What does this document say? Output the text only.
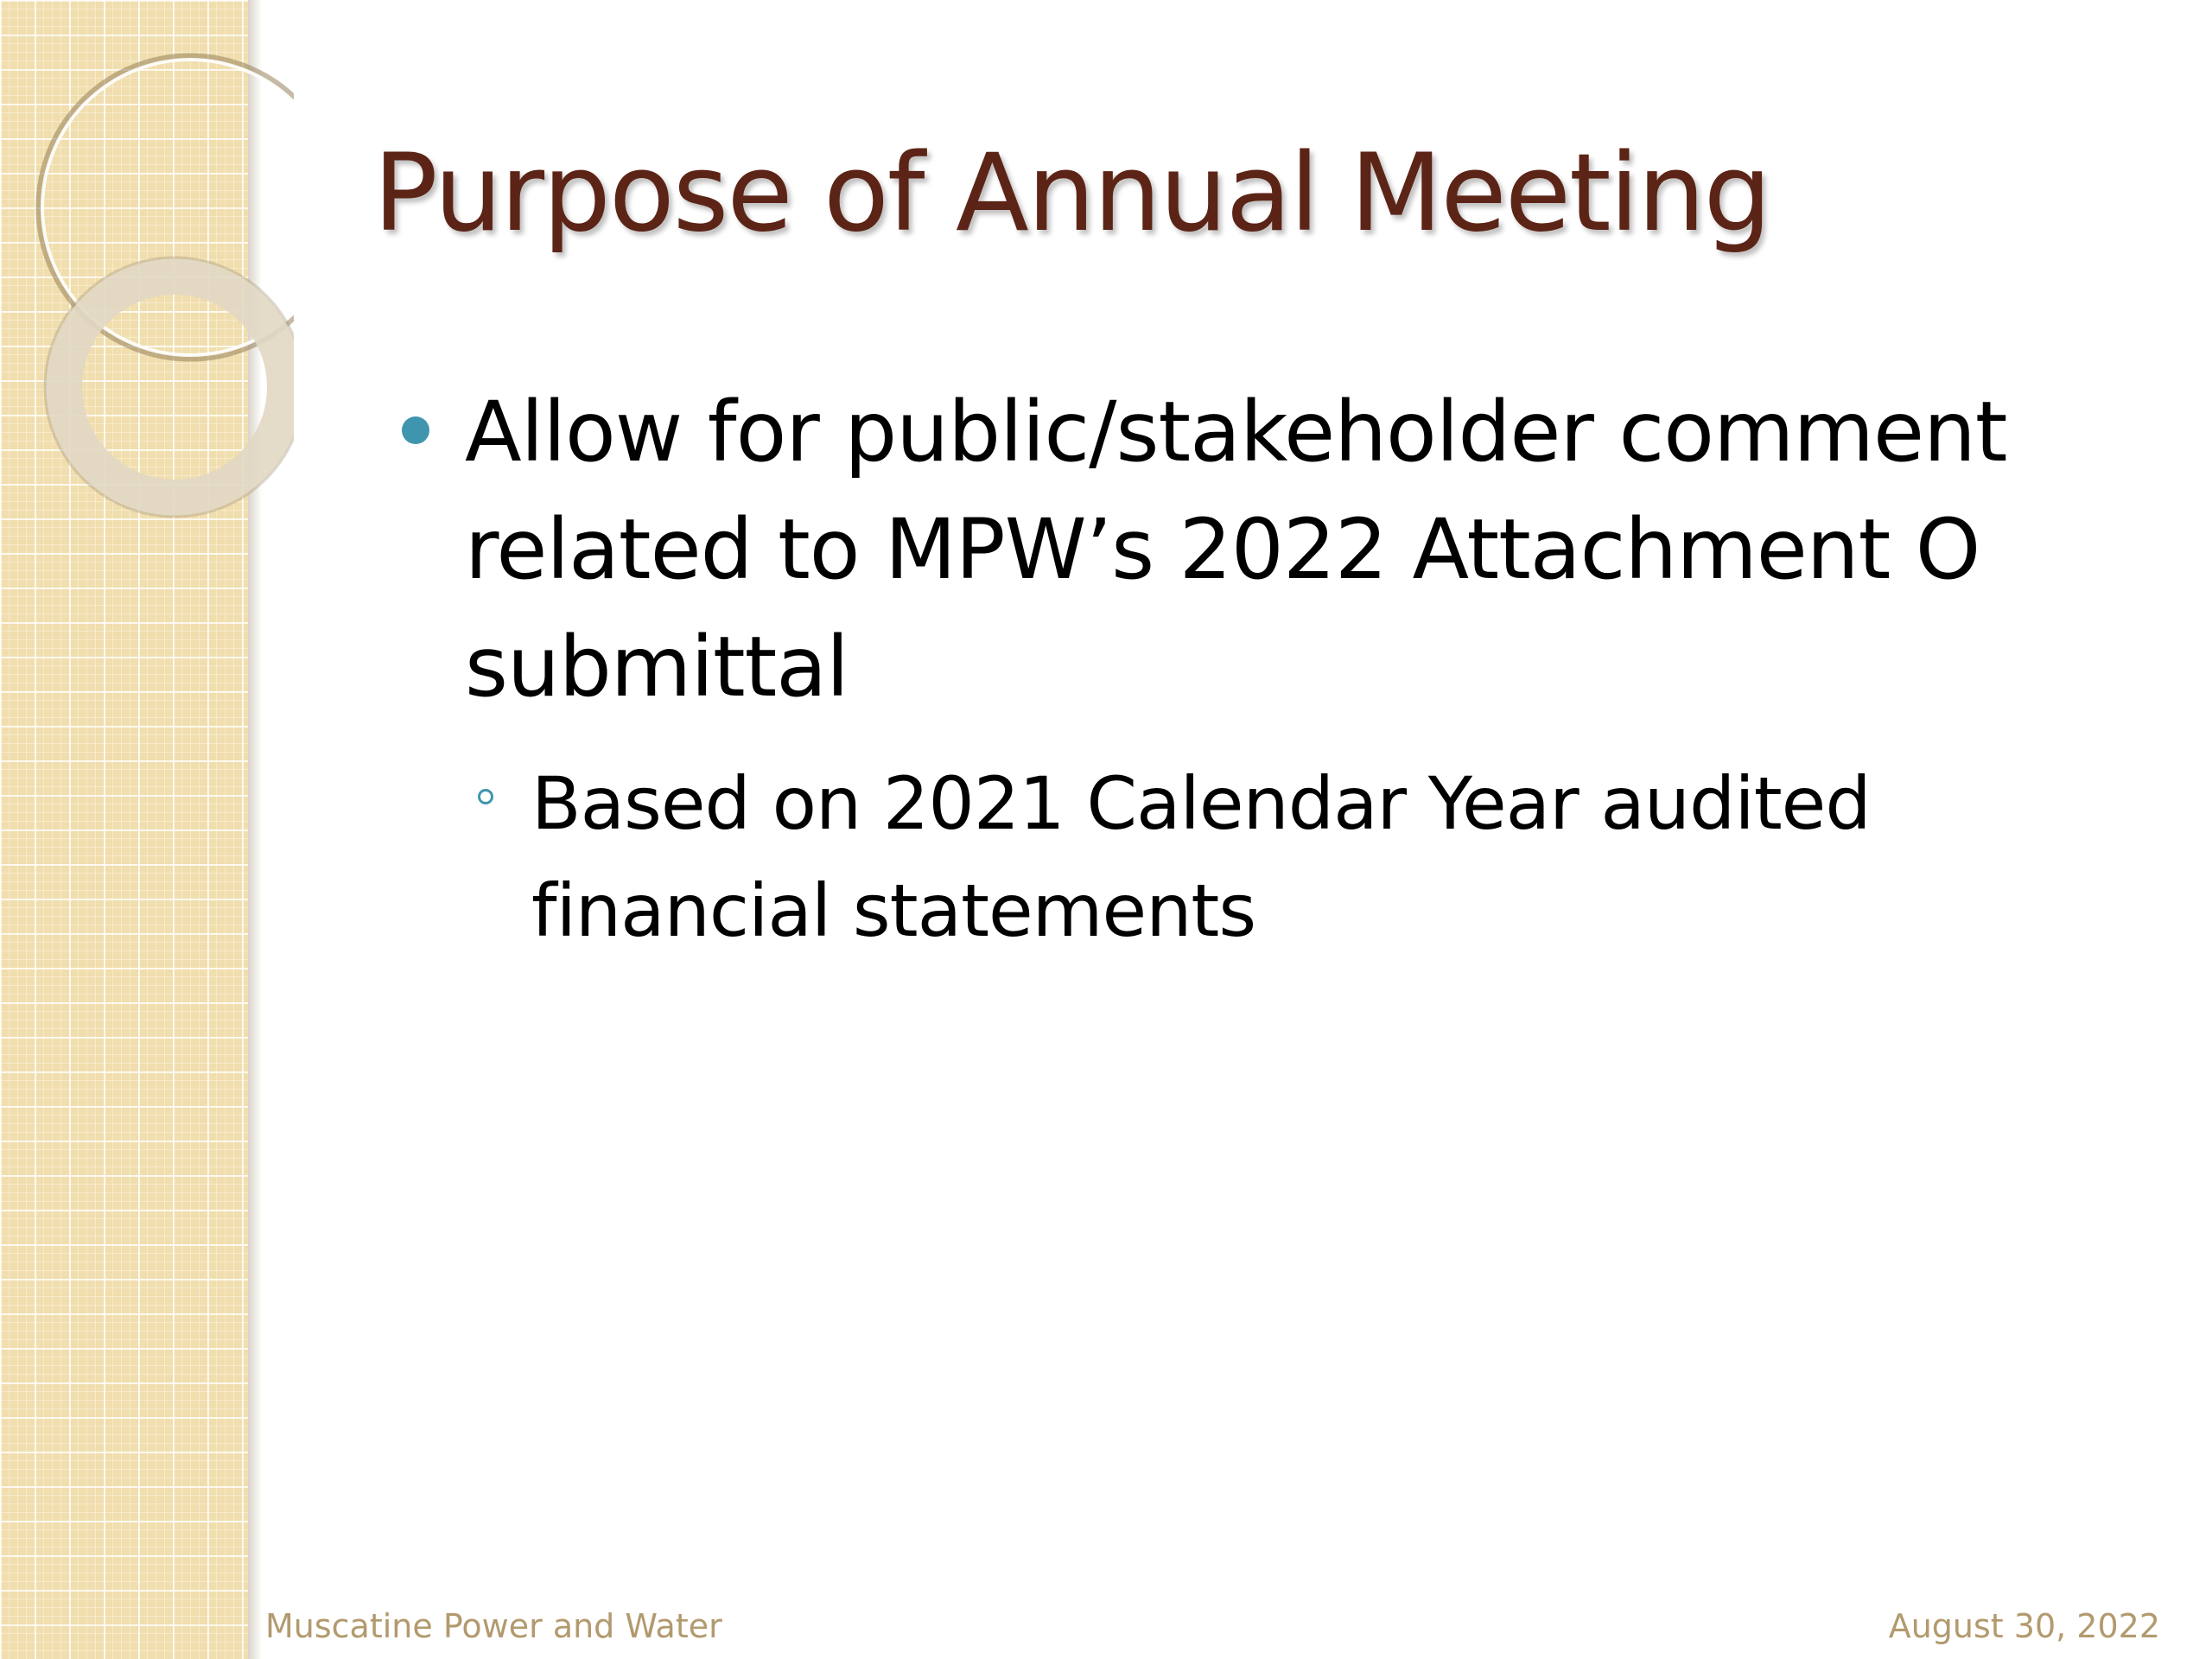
Purpose of Annual Meeting

Allow for public/stakeholder comment related to MPW’s 2022 Attachment O submittal

Based on 2021 Calendar Year audited financial statements

Muscatine Power and Water	August 30, 2022
